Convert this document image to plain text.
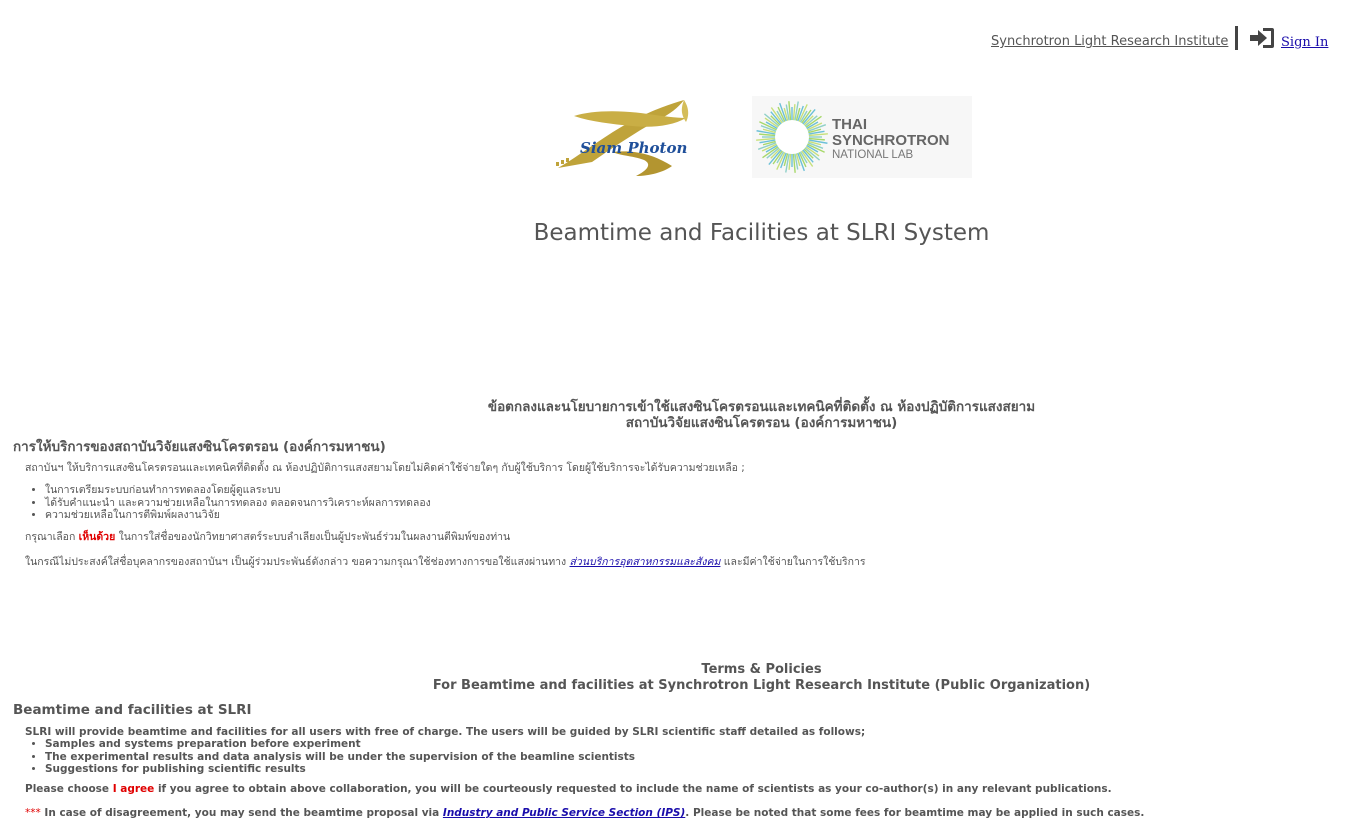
Synchrotron Light Research Institute	Sign In
Siam Photon
THAI
SYNCHROTRON
NATIONAL LAB
Beamtime and Facilities at SLRI System
ข้อตกลงและนโยบายการเข้าใช้แสงซินโครตรอนและเทคนิคที่ติดตั้ง ณ ห้องปฏิบัติการแสงสยาม
สถาบันวิจัยแสงซินโครตรอน (องค์การมหาชน)
การให้บริการของสถาบันวิจัยแสงซินโครตรอน (องค์การมหาชน)
สถาบันฯ ให้บริการแสงซินโครตรอนและเทคนิคที่ติดตั้ง ณ ห้องปฏิบัติการแสงสยามโดยไม่คิดค่าใช้จ่ายใดๆ กับผู้ใช้บริการ โดยผู้ใช้บริการจะได้รับความช่วยเหลือ ;
• ในการเตรียมระบบก่อนทำการทดลองโดยผู้ดูแลระบบ
• ได้รับคำแนะนำ และความช่วยเหลือในการทดลอง ตลอดจนการวิเคราะห์ผลการทดลอง
• ความช่วยเหลือในการตีพิมพ์ผลงานวิจัย
กรุณาเลือก เห็นด้วย ในการใส่ชื่อของนักวิทยาศาสตร์ระบบลำเลียงเป็นผู้ประพันธ์ร่วมในผลงานตีพิมพ์ของท่าน
ในกรณีไม่ประสงค์ใส่ชื่อบุคลากรของสถาบันฯ เป็นผู้ร่วมประพันธ์ดังกล่าว ขอความกรุณาใช้ช่องทางการขอใช้แสงผ่านทาง ส่วนบริการอุตสาหกรรมและสังคม และมีค่าใช้จ่ายในการใช้บริการ
Terms & Policies
For Beamtime and facilities at Synchrotron Light Research Institute (Public Organization)
Beamtime and facilities at SLRI
SLRI will provide beamtime and facilities for all users with free of charge. The users will be guided by SLRI scientific staff detailed as follows;
• Samples and systems preparation before experiment
• The experimental results and data analysis will be under the supervision of the beamline scientists
• Suggestions for publishing scientific results
Please choose I agree if you agree to obtain above collaboration, you will be courteously requested to include the name of scientists as your co-author(s) in any relevant publications.
*** In case of disagreement, you may send the beamtime proposal via Industry and Public Service Section (IPS). Please be noted that some fees for beamtime may be applied in such cases.
